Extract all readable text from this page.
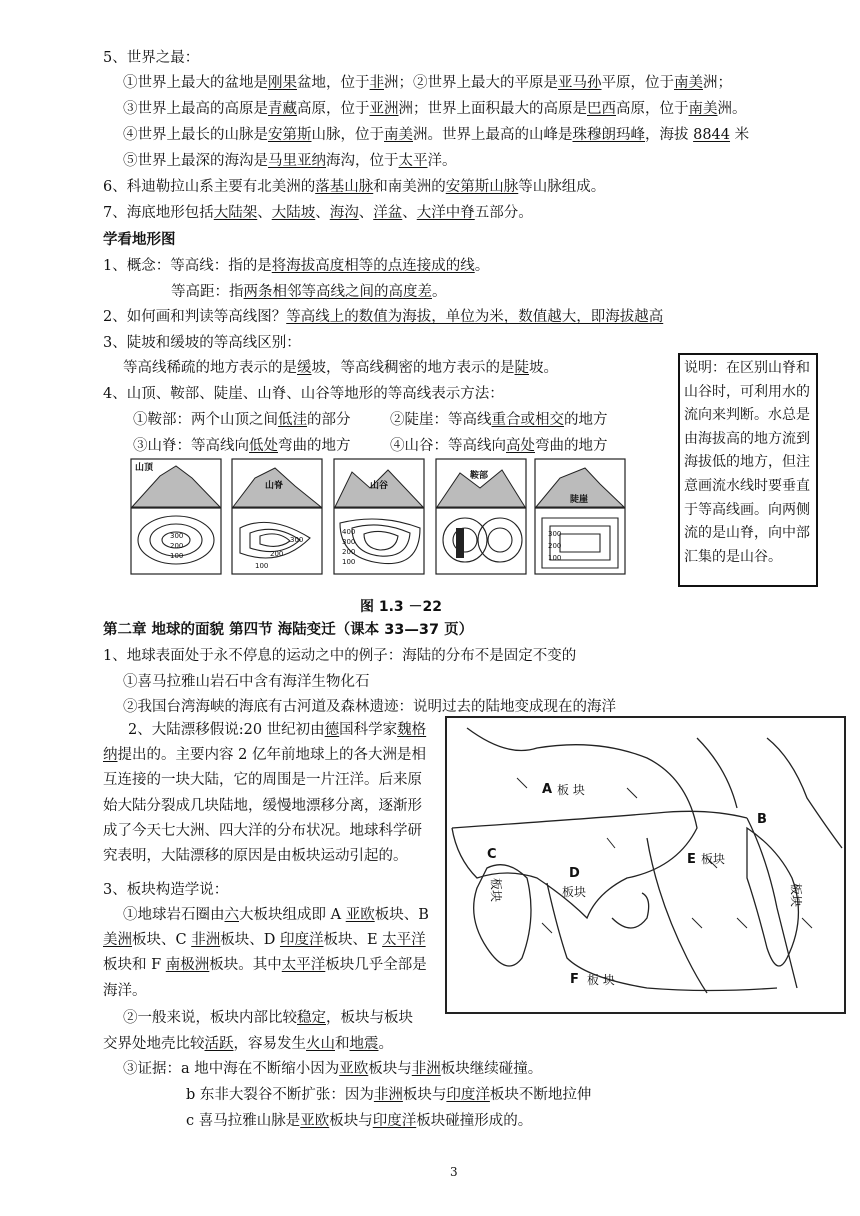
5、世界之最：
①世界上最大的盆地是刚果盆地，位于非洲；②世界上最大的平原是亚马孙平原，位于南美洲；
③世界上最高的高原是青藏高原，位于亚洲洲；世界上面积最大的高原是巴西高原，位于南美洲。
④世界上最长的山脉是安第斯山脉，位于南美洲。世界上最高的山峰是珠穆朗玛峰，海拔 8844 米
⑤世界上最深的海沟是马里亚纳海沟，位于太平洋。
6、科迪勒拉山系主要有北美洲的落基山脉和南美洲的安第斯山脉等山脉组成。
7、海底地形包括大陆架、大陆坡、海沟、洋盆、大洋中脊五部分。
学看地形图
1、概念：等高线：指的是将海拔高度相等的点连接成的线。
等高距：指两条相邻等高线之间的高度差。
2、如何画和判读等高线图？等高线上的数值为海拔，单位为米，数值越大，即海拔越高
3、陡坡和缓坡的等高线区别：
等高线稀疏的地方表示的是缓坡，等高线稠密的地方表示的是陡坡。
4、山顶、鞍部、陡崖、山脊、山谷等地形的等高线表示方法：
①鞍部：两个山顶之间低洼的部分	②陡崖：等高线重合或相交的地方
③山脊：等高线向低处弯曲的地方	④山谷：等高线向高处弯曲的地方
说明：在区别山脊和山谷时，可利用水的流向来判断。水总是由海拔高的地方流到海拔低的地方，但注意画流水线时要垂直于等高线画。向两侧流的是山脊，向中部汇集的是山谷。
山顶
山脊	山谷
鞍部
陡崖
300
200
100
300
200
100
400
300
200
100
300
200
100
图 1.3 －22
第二章 地球的面貌 第四节 海陆变迁（课本 33—37 页）
1、地球表面处于永不停息的运动之中的例子：海陆的分布不是固定不变的
①喜马拉雅山岩石中含有海洋生物化石
②我国台湾海峡的海底有古河道及森林遗迹：说明过去的陆地变成现在的海洋
2、大陆漂移假说:20 世纪初由德国科学家魏格纳提出的。主要内容 2 亿年前地球上的各大洲是相互连接的一块大陆，它的周围是一片汪洋。后来原始大陆分裂成几块陆地，缓慢地漂移分离，逐渐形成了今天七大洲、四大洋的分布状况。地球科学研究表明，大陆漂移的原因是由板块运动引起的。
3、板块构造学说：
①地球岩石圈由六大板块组成即 A 亚欧板块、B 美洲板块、C 非洲板块、D 印度洋板块、E 太平洋板块和 F 南极洲板块。其中太平洋板块几乎全部是海洋。
②一般来说，板块内部比较稳定，板块与板块
交界处地壳比较活跃，容易发生火山和地震。
③证据：a 地中海在不断缩小因为亚欧板块与非洲板块继续碰撞。
b 东非大裂谷不断扩张：因为非洲板块与印度洋板块不断地拉伸
c 喜马拉雅山脉是亚欧板块与印度洋板块碰撞形成的。
A
B
C
D
E
F
板 块
板块
板块	板块
板块
板 块
3
